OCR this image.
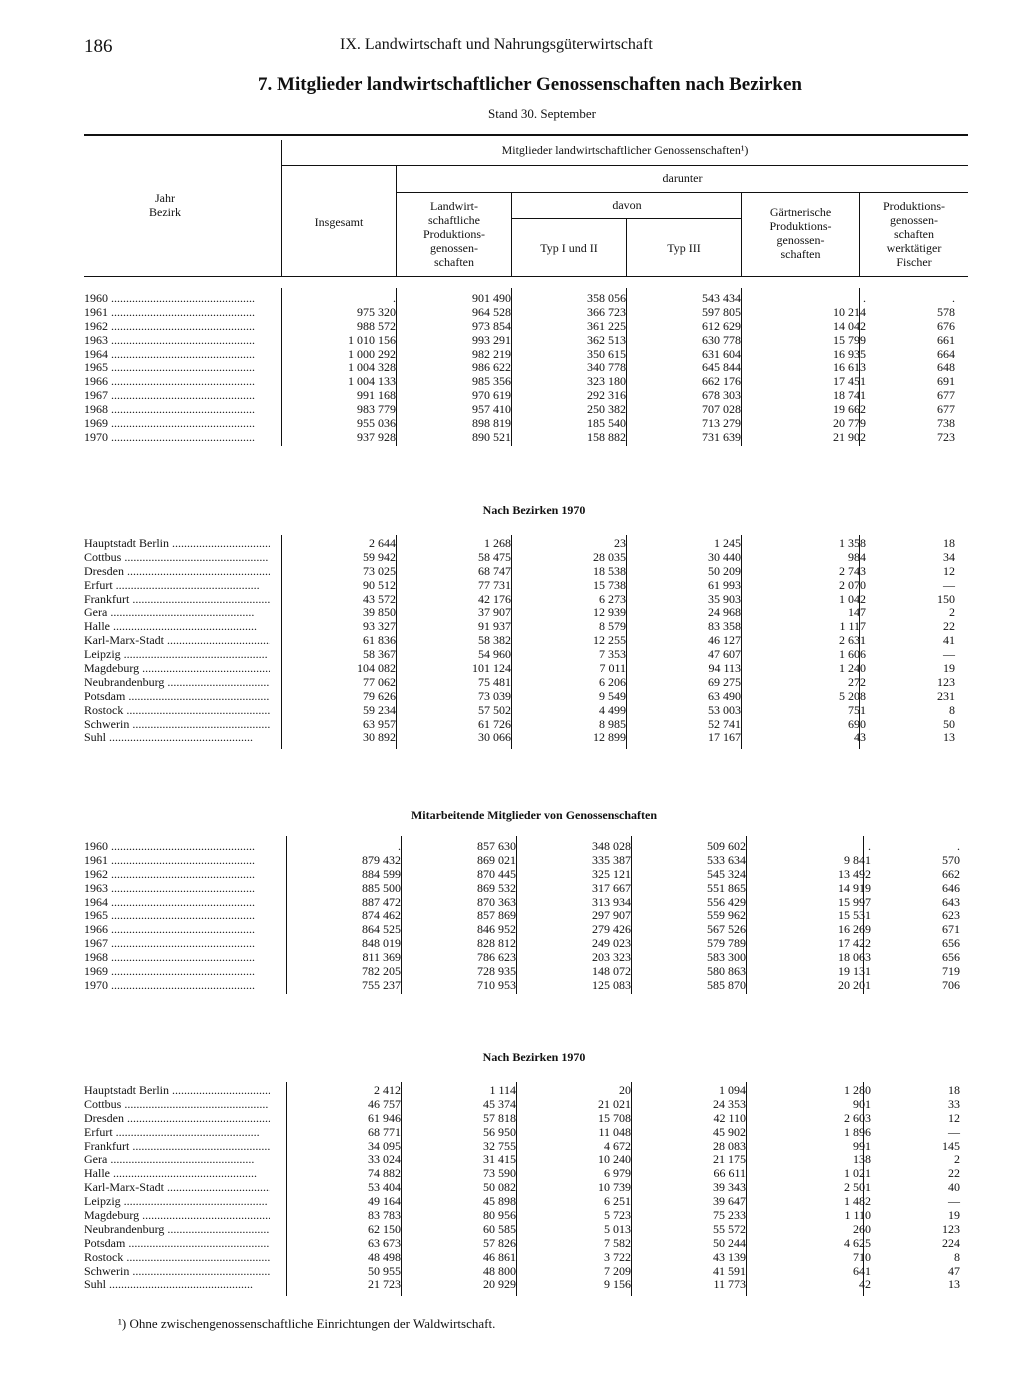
186	IX. Landwirtschaft und Nahrungsgüterwirtschaft
7. Mitglieder landwirtschaftlicher Genossenschaften nach Bezirken
Stand 30. September
Jahr
Bezirk
Mitglieder landwirtschaftlicher Genossenschaften¹)
Insgesamt
darunter
Landwirt-
schaftliche
Produktions-
genossen-
schaften
davon
Typ I und II	Typ III
Gärtnerische
Produktions-
genossen-
schaften
Produktions-
genossen-
schaften
werktätiger
Fischer
Nach Bezirken 1970
Mitarbeitende Mitglieder von Genossenschaften
Nach Bezirken 1970
1960 .....	.	901 490	358 056	543 434	.	.
1961 .....	975 320	964 528	366 723	597 805	10 214	578
1962 .....	988 572	973 854	361 225	612 629	14 042	676
1963 .....	1 010 156	993 291	362 513	630 778	15 799	661
1964 .....	1 000 292	982 219	350 615	631 604	16 935	664
1965 .....	1 004 328	986 622	340 778	645 844	16 613	648
1966 .....	1 004 133	985 356	323 180	662 176	17 451	691
1967 .....	991 168	970 619	292 316	678 303	18 741	677
1968 .....	983 779	957 410	250 382	707 028	19 662	677
1969 .....	955 036	898 819	185 540	713 279	20 779	738
1970 .....	937 928	890 521	158 882	731 639	21 902	723
Hauptstadt Berlin .....	2 644	1 268	23	1 245	1 358	18
Cottbus .....	59 942	58 475	28 035	30 440	984	34
Dresden .....	73 025	68 747	18 538	50 209	2 743	12
Erfurt .....	90 512	77 731	15 738	61 993	2 070	—
Frankfurt .....	43 572	42 176	6 273	35 903	1 042	150
Gera .....	39 850	37 907	12 939	24 968	147	2
Halle .....	93 327	91 937	8 579	83 358	1 117	22
Karl-Marx-Stadt .....	61 836	58 382	12 255	46 127	2 631	41
Leipzig .....	58 367	54 960	7 353	47 607	1 606	—
Magdeburg .....	104 082	101 124	7 011	94 113	1 240	19
Neubrandenburg .....	77 062	75 481	6 206	69 275	272	123
Potsdam .....	79 626	73 039	9 549	63 490	5 208	231
Rostock .....	59 234	57 502	4 499	53 003	751	8
Schwerin .....	63 957	61 726	8 985	52 741	690	50
Suhl .....	30 892	30 066	12 899	17 167	43	13
1960 .....	.	857 630	348 028	509 602	.	.
1961 .....	879 432	869 021	335 387	533 634	9 841	570
1962 .....	884 599	870 445	325 121	545 324	13 492	662
1963 .....	885 500	869 532	317 667	551 865	14 919	646
1964 .....	887 472	870 363	313 934	556 429	15 997	643
1965 .....	874 462	857 869	297 907	559 962	15 531	623
1966 .....	864 525	846 952	279 426	567 526	16 269	671
1967 .....	848 019	828 812	249 023	579 789	17 422	656
1968 .....	811 369	786 623	203 323	583 300	18 063	656
1969 .....	782 205	728 935	148 072	580 863	19 131	719
1970 .....	755 237	710 953	125 083	585 870	20 201	706
Hauptstadt Berlin .....	2 412	1 114	20	1 094	1 280	18
Cottbus .....	46 757	45 374	21 021	24 353	901	33
Dresden .....	61 946	57 818	15 708	42 110	2 603	12
Erfurt .....	68 771	56 950	11 048	45 902	1 896	—
Frankfurt .....	34 095	32 755	4 672	28 083	991	145
Gera .....	33 024	31 415	10 240	21 175	138	2
Halle .....	74 882	73 590	6 979	66 611	1 021	22
Karl-Marx-Stadt .....	53 404	50 082	10 739	39 343	2 501	40
Leipzig .....	49 164	45 898	6 251	39 647	1 482	—
Magdeburg .....	83 783	80 956	5 723	75 233	1 110	19
Neubrandenburg .....	62 150	60 585	5 013	55 572	260	123
Potsdam .....	63 673	57 826	7 582	50 244	4 625	224
Rostock .....	48 498	46 861	3 722	43 139	710	8
Schwerin .....	50 955	48 800	7 209	41 591	641	47
Suhl .....	21 723	20 929	9 156	11 773	42	13
¹) Ohne zwischengenossenschaftliche Einrichtungen der Waldwirtschaft.
